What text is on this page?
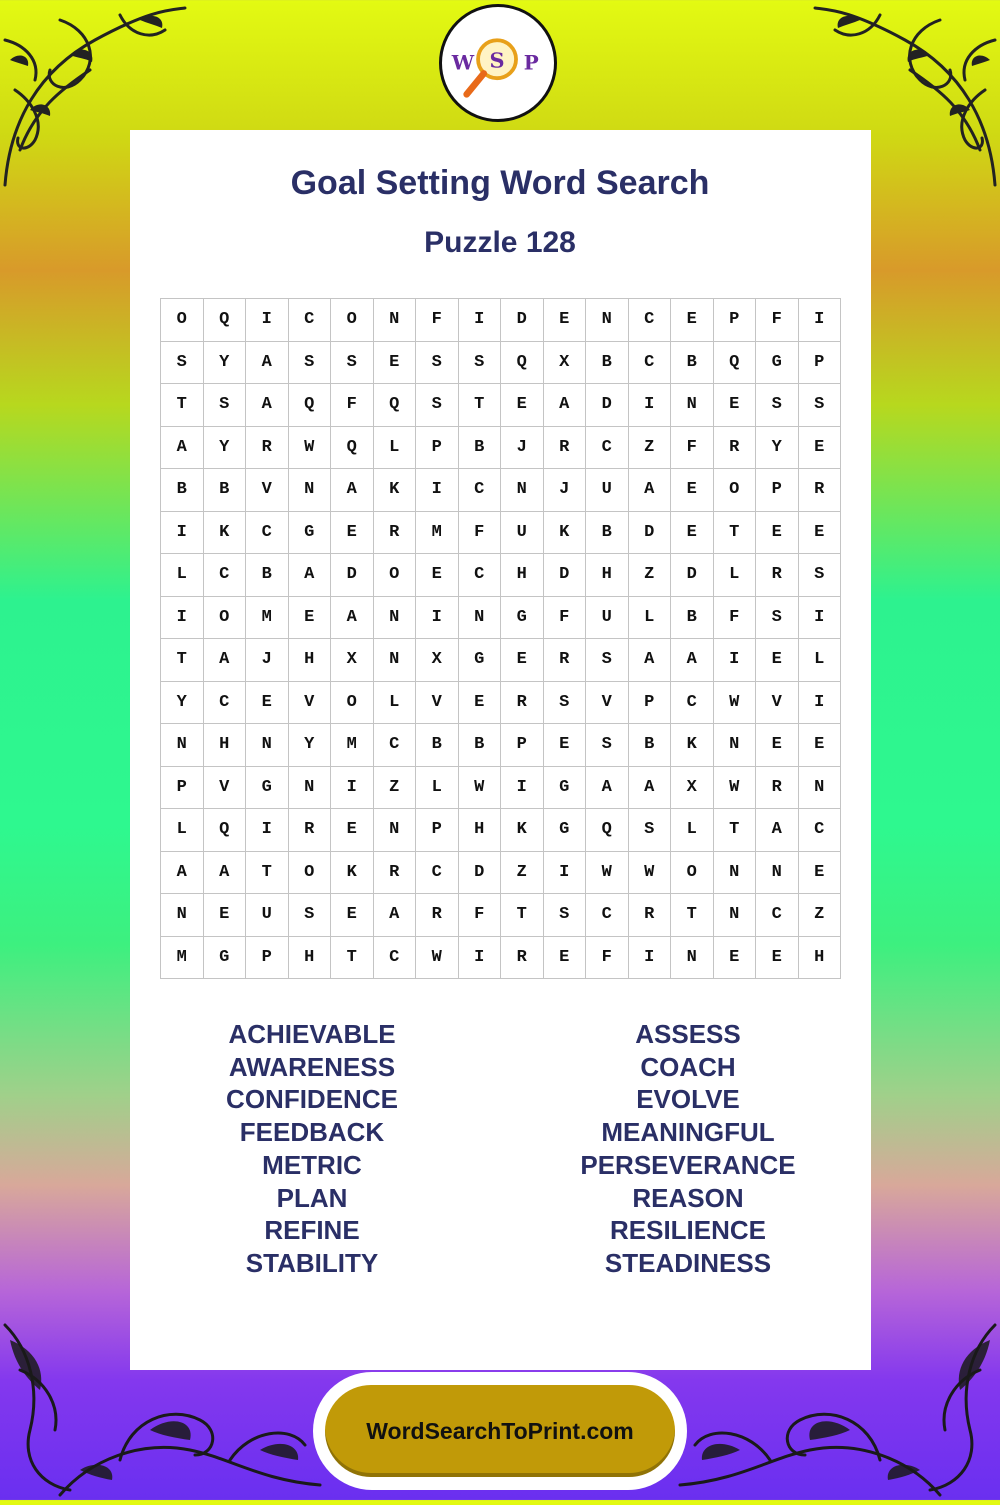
W S P
Goal Setting Word Search
Puzzle 128
O	Q	I	C	O	N	F	I	D	E	N	C	E	P	F	I
S	Y	A	S	S	E	S	S	Q	X	B	C	B	Q	G	P
T	S	A	Q	F	Q	S	T	E	A	D	I	N	E	S	S
A	Y	R	W	Q	L	P	B	J	R	C	Z	F	R	Y	E
B	B	V	N	A	K	I	C	N	J	U	A	E	O	P	R
I	K	C	G	E	R	M	F	U	K	B	D	E	T	E	E
L	C	B	A	D	O	E	C	H	D	H	Z	D	L	R	S
I	O	M	E	A	N	I	N	G	F	U	L	B	F	S	I
T	A	J	H	X	N	X	G	E	R	S	A	A	I	E	L
Y	C	E	V	O	L	V	E	R	S	V	P	C	W	V	I
N	H	N	Y	M	C	B	B	P	E	S	B	K	N	E	E
P	V	G	N	I	Z	L	W	I	G	A	A	X	W	R	N
L	Q	I	R	E	N	P	H	K	G	Q	S	L	T	A	C
A	A	T	O	K	R	C	D	Z	I	W	W	O	N	N	E
N	E	U	S	E	A	R	F	T	S	C	R	T	N	C	Z
M	G	P	H	T	C	W	I	R	E	F	I	N	E	E	H
ACHIEVABLE
AWARENESS
CONFIDENCE
FEEDBACK
METRIC
PLAN
REFINE
STABILITY
ASSESS
COACH
EVOLVE
MEANINGFUL
PERSEVERANCE
REASON
RESILIENCE
STEADINESS
WordSearchToPrint.com
